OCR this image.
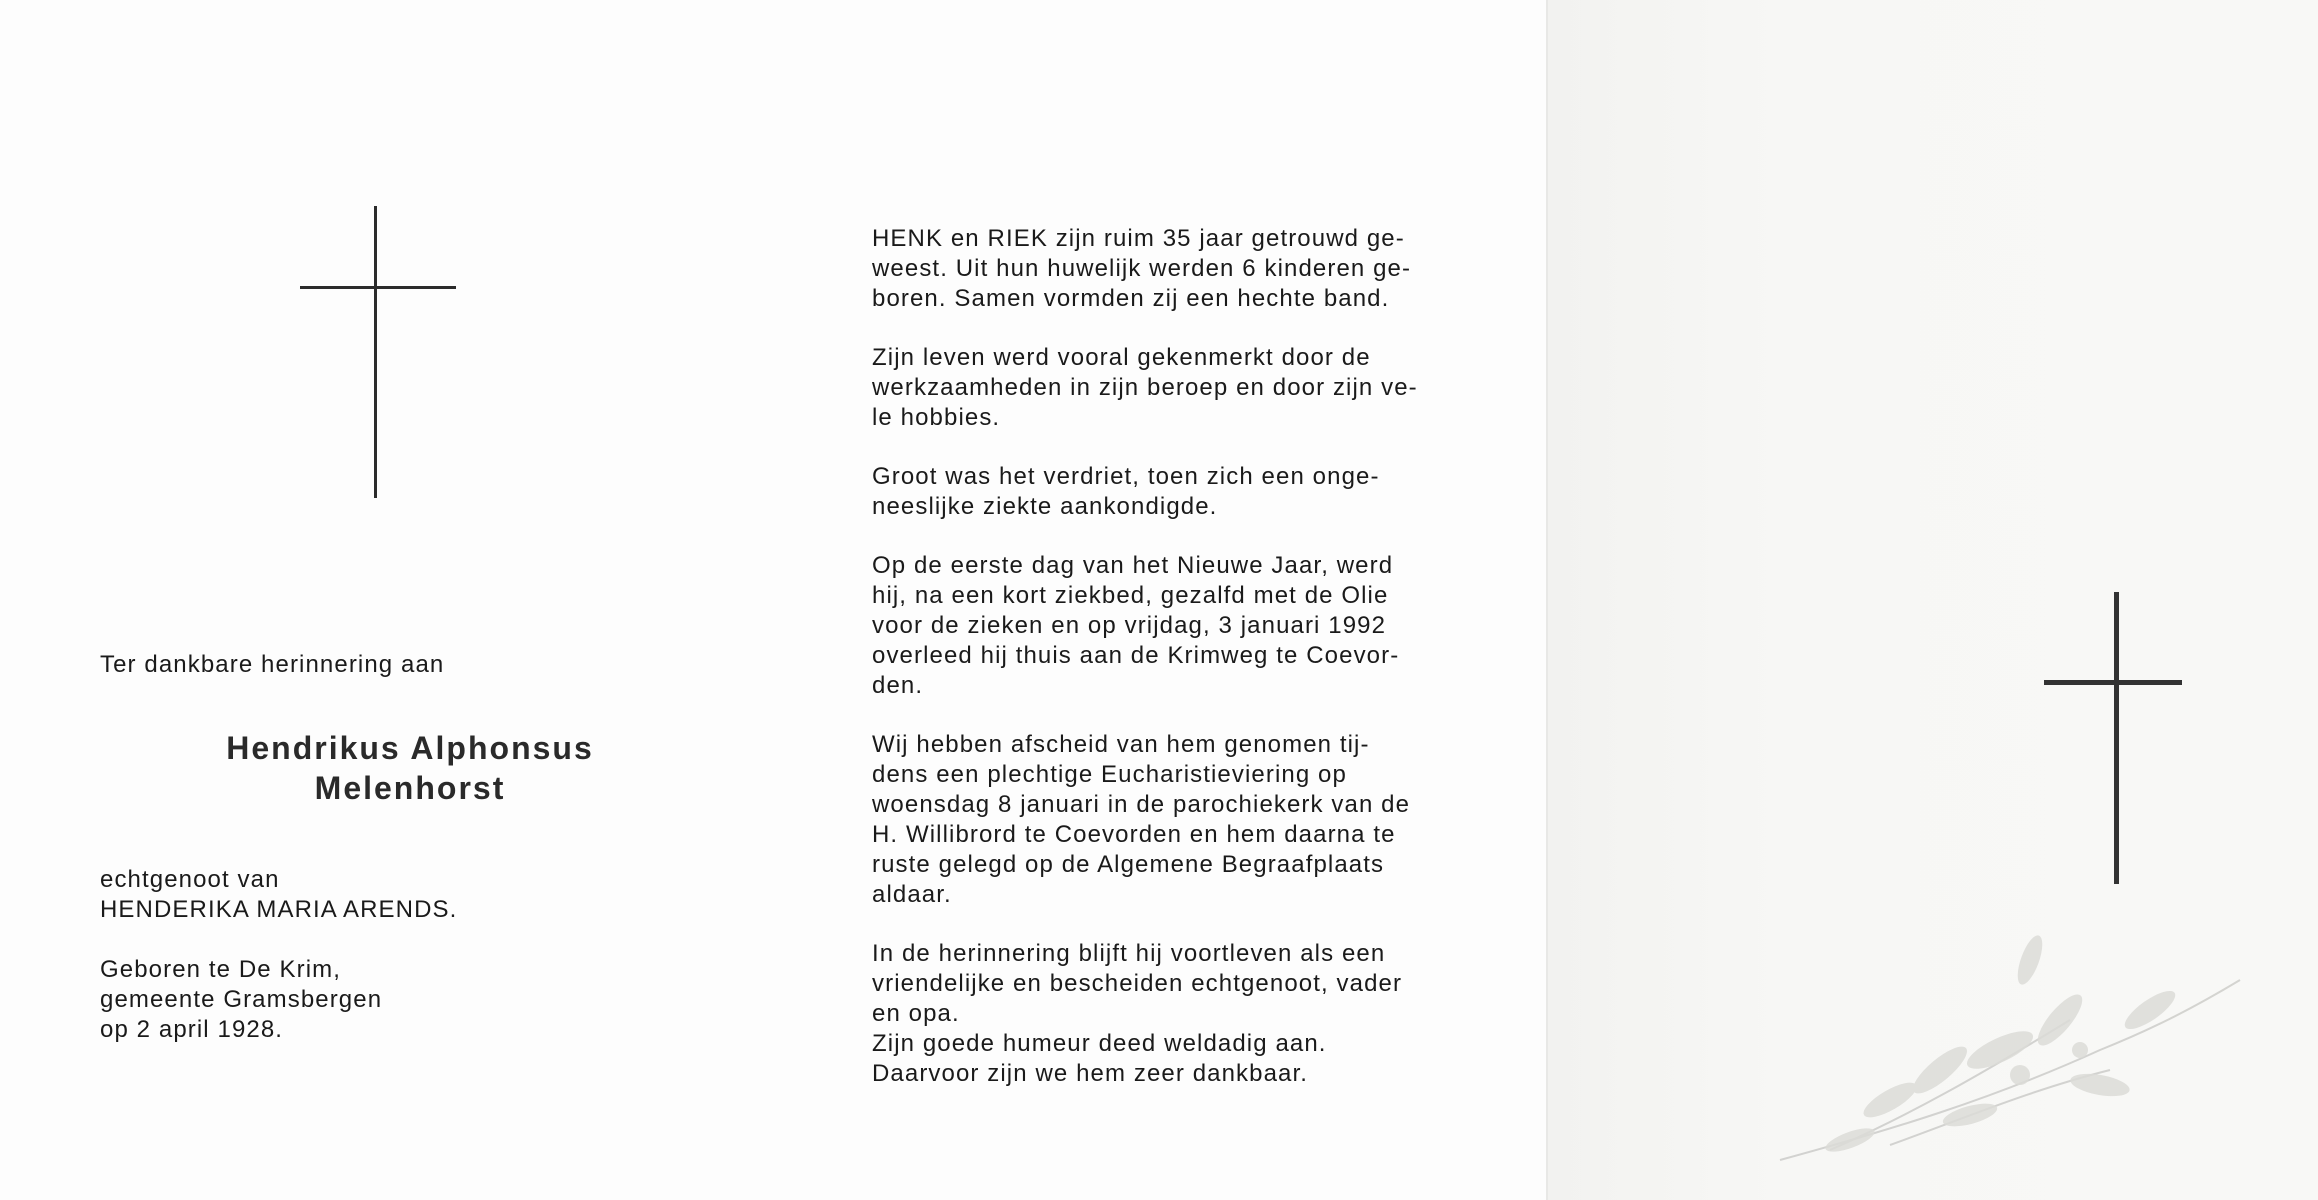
Ter dankbare herinnering aan
Hendrikus Alphonsus
Melenhorst
echtgenoot van
HENDERIKA MARIA ARENDS.
Geboren te De Krim,
gemeente Gramsbergen
op 2 april 1928.

HENK en RIEK zijn ruim 35 jaar getrouwd ge-
weest. Uit hun huwelijk werden 6 kinderen ge-
boren. Samen vormden zij een hechte band.

Zijn leven werd vooral gekenmerkt door de
werkzaamheden in zijn beroep en door zijn ve-
le hobbies.

Groot was het verdriet, toen zich een onge-
neeslijke ziekte aankondigde.

Op de eerste dag van het Nieuwe Jaar, werd
hij, na een kort ziekbed, gezalfd met de Olie
voor de zieken en op vrijdag, 3 januari 1992
overleed hij thuis aan de Krimweg te Coevor-
den.

Wij hebben afscheid van hem genomen tij-
dens een plechtige Eucharistieviering op
woensdag 8 januari in de parochiekerk van de
H. Willibrord te Coevorden en hem daarna te
ruste gelegd op de Algemene Begraafplaats
aldaar.

In de herinnering blijft hij voortleven als een
vriendelijke en bescheiden echtgenoot, vader
en opa.
Zijn goede humeur deed weldadig aan.
Daarvoor zijn we hem zeer dankbaar.
